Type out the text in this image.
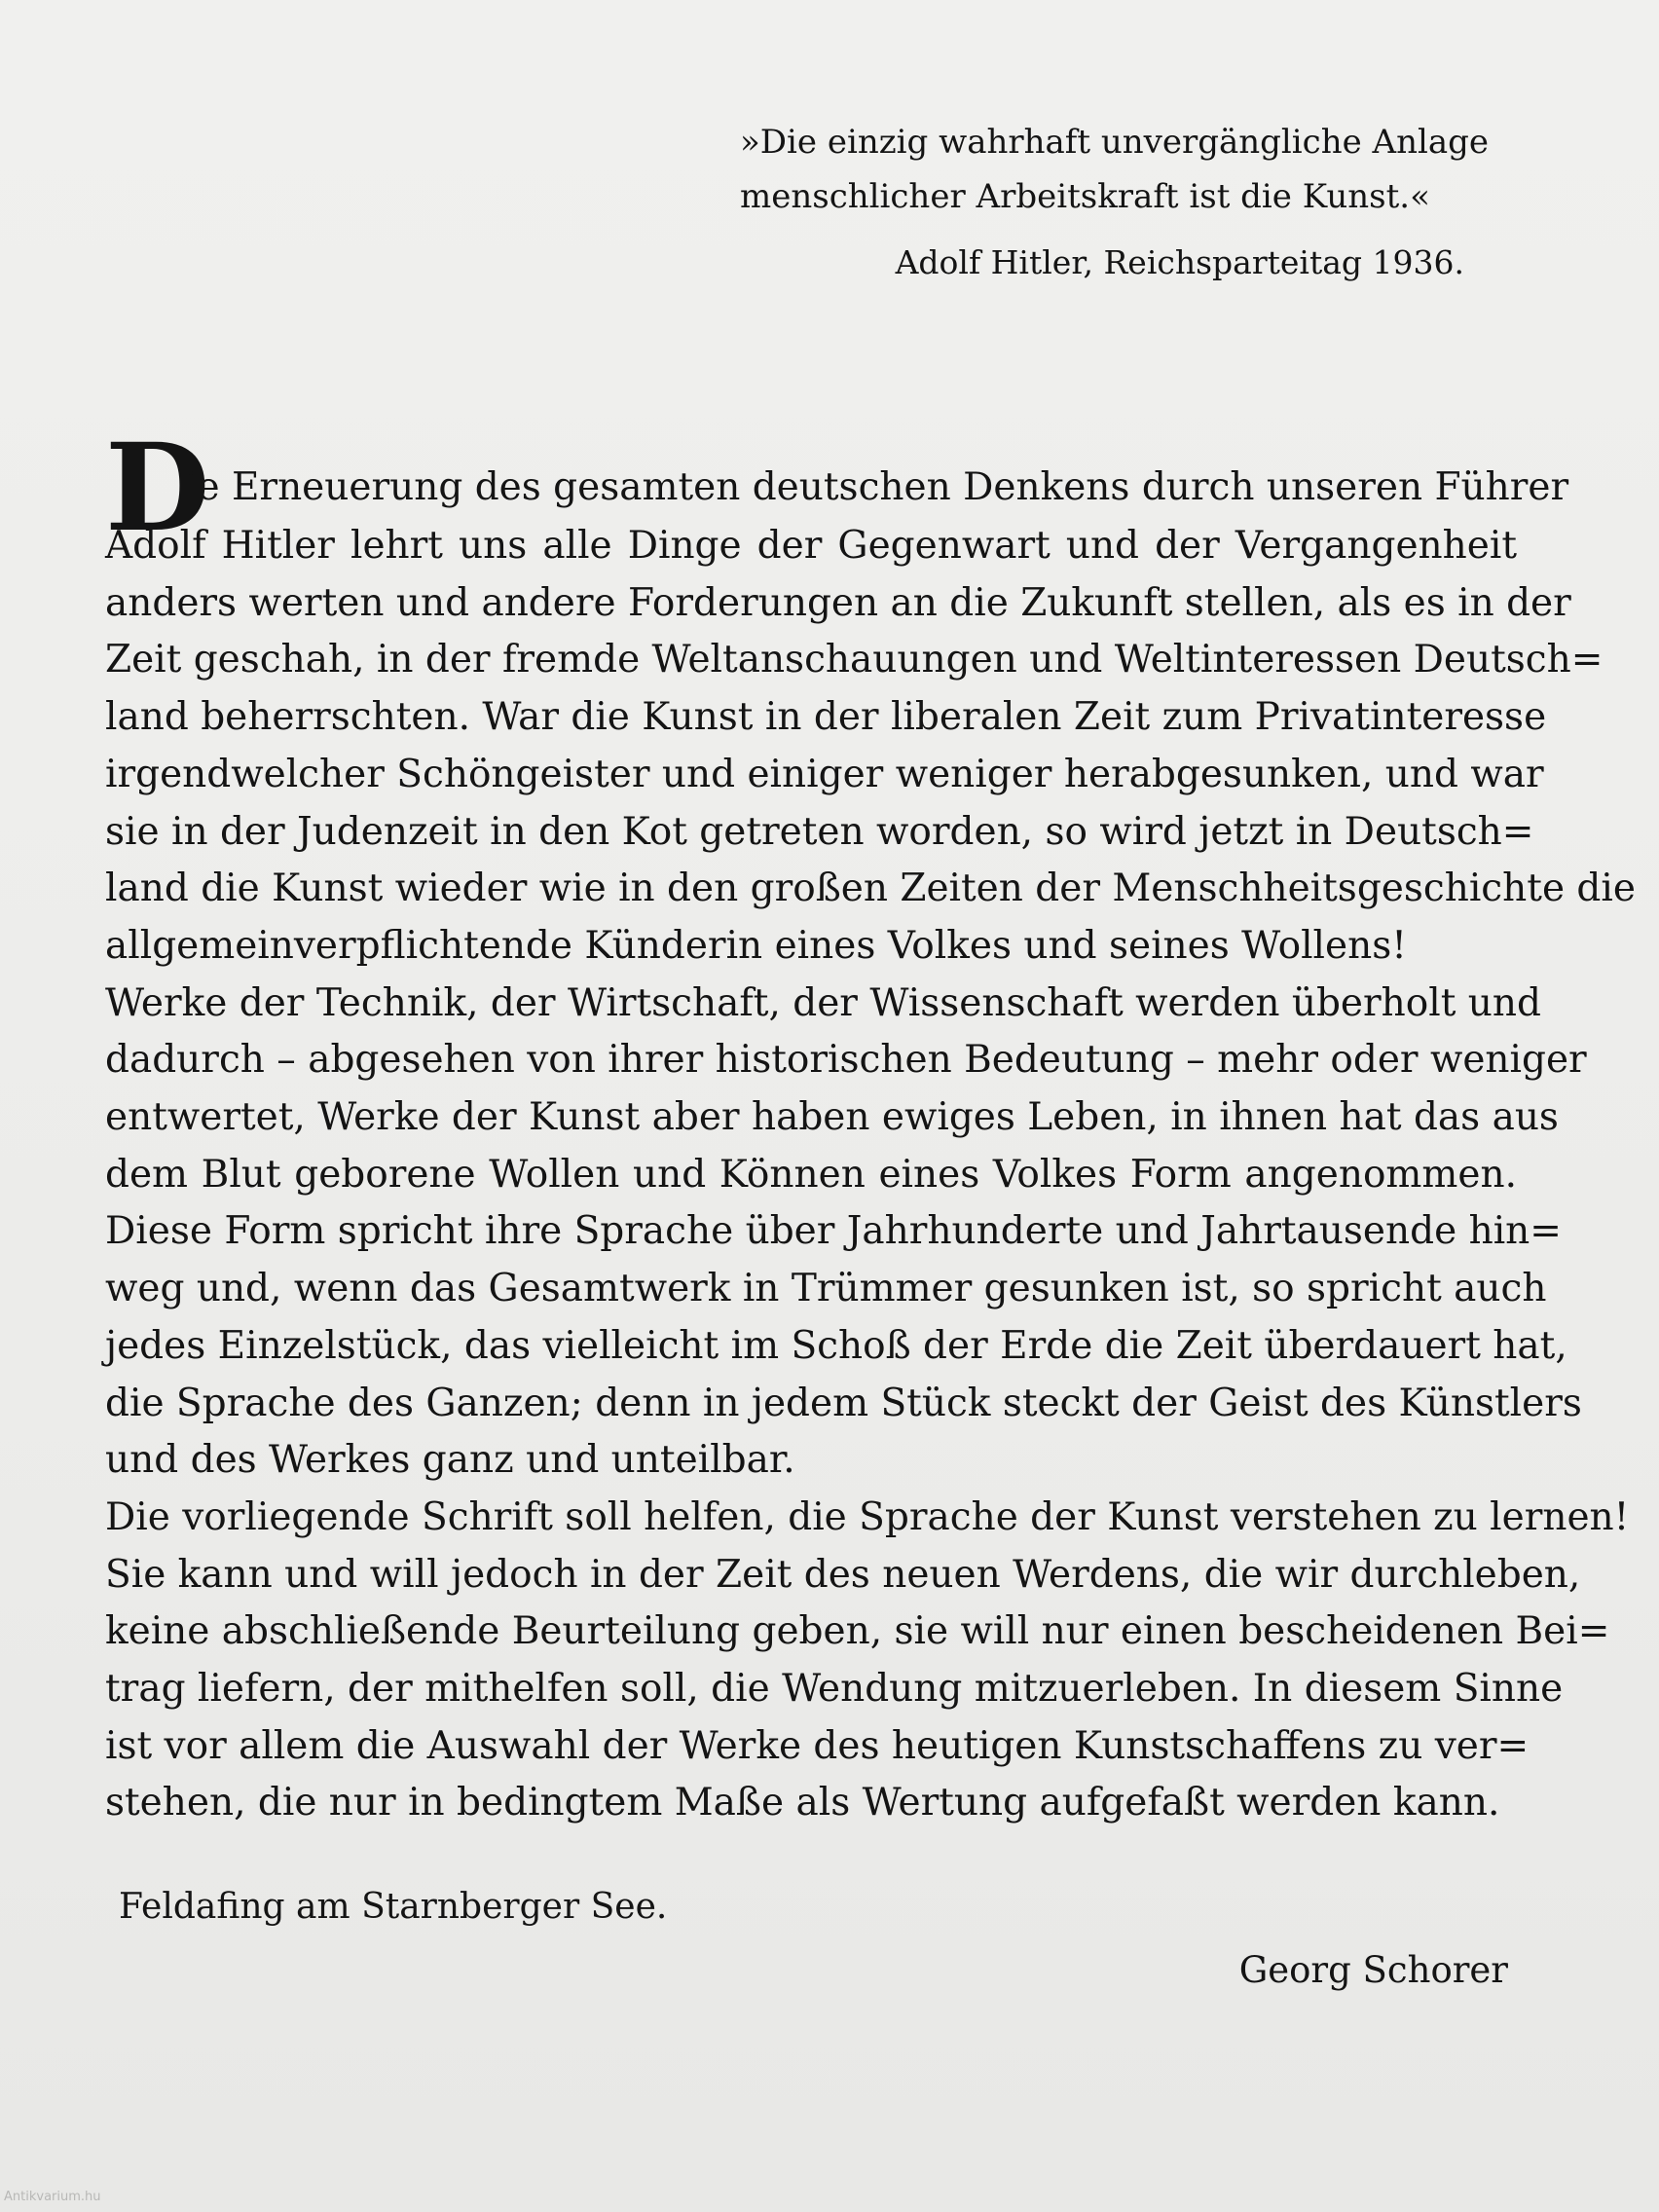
»Die einzig wahrhaft unvergängliche Anlage
menschlicher Arbeitskraft ist die Kunst.«
Adolf Hitler, Reichsparteitag 1936.
D
ie Erneuerung des gesamten deutschen Denkens durch unseren Führer
Adolf Hitler lehrt uns alle Dinge der Gegenwart und der Vergangenheit
anders werten und andere Forderungen an die Zukunft stellen, als es in der
Zeit geschah, in der fremde Weltanschauungen und Weltinteressen Deutsch=
land beherrschten. War die Kunst in der liberalen Zeit zum Privatinteresse
irgendwelcher Schöngeister und einiger weniger herabgesunken, und war
sie in der Judenzeit in den Kot getreten worden, so wird jetzt in Deutsch=
land die Kunst wieder wie in den großen Zeiten der Menschheitsgeschichte die
allgemeinverpflichtende Künderin eines Volkes und seines Wollens!
Werke der Technik, der Wirtschaft, der Wissenschaft werden überholt und
dadurch – abgesehen von ihrer historischen Bedeutung – mehr oder weniger
entwertet, Werke der Kunst aber haben ewiges Leben, in ihnen hat das aus
dem Blut geborene Wollen und Können eines Volkes Form angenommen.
Diese Form spricht ihre Sprache über Jahrhunderte und Jahrtausende hin=
weg und, wenn das Gesamtwerk in Trümmer gesunken ist, so spricht auch
jedes Einzelstück, das vielleicht im Schoß der Erde die Zeit überdauert hat,
die Sprache des Ganzen; denn in jedem Stück steckt der Geist des Künstlers
und des Werkes ganz und unteilbar.
Die vorliegende Schrift soll helfen, die Sprache der Kunst verstehen zu lernen!
Sie kann und will jedoch in der Zeit des neuen Werdens, die wir durchleben,
keine abschließende Beurteilung geben, sie will nur einen bescheidenen Bei=
trag liefern, der mithelfen soll, die Wendung mitzuerleben. In diesem Sinne
ist vor allem die Auswahl der Werke des heutigen Kunstschaffens zu ver=
stehen, die nur in bedingtem Maße als Wertung aufgefaßt werden kann.
Feldafing am Starnberger See.
Georg Schorer
Antikvarium.hu
